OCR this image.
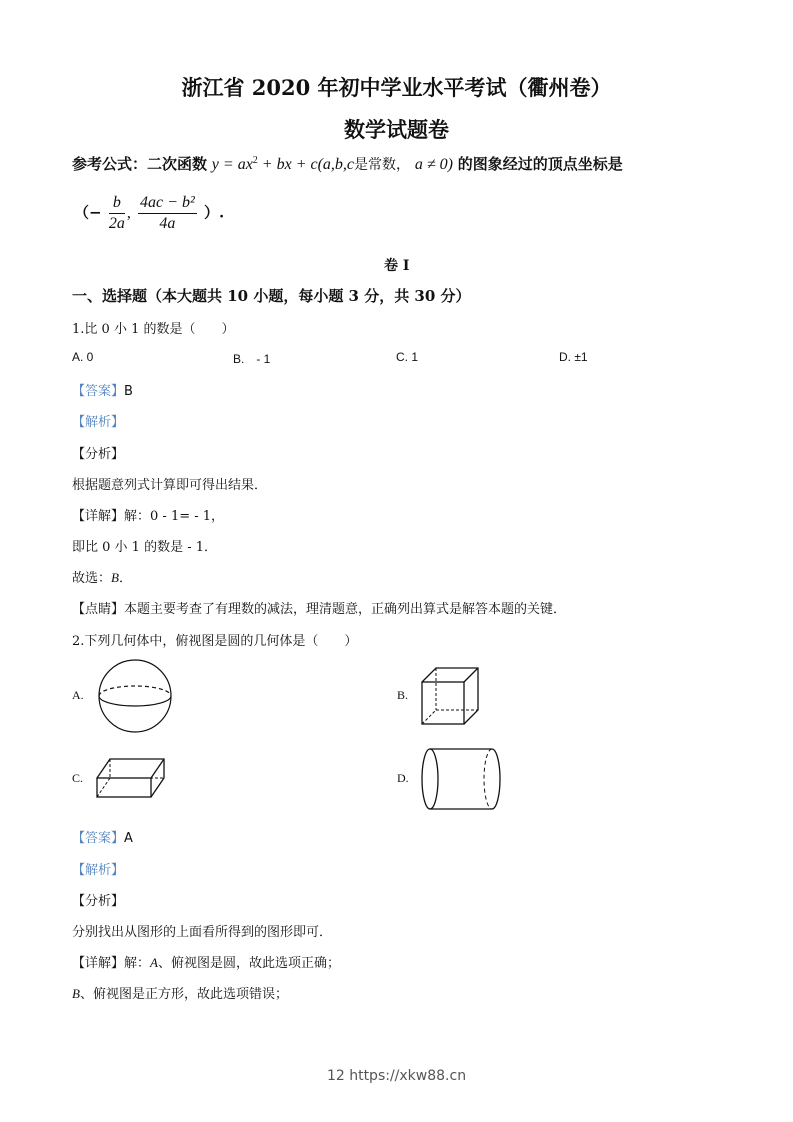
浙江省 2020 年初中学业水平考试（衢州卷）
数学试题卷
参考公式：二次函数 $y = ax^2$ + bx + c(a,b,c是常数， a ≠ 0) 的图象经过的顶点坐标是
（− $\frac{b}{2a}$ , $\frac{\text{4ac − b²}}{4a}$ ）.
卷 I
一、选择题（本大题共 10 小题，每小题 3 分，共 30 分）
1.比 0 小 1 的数是（　　）
A. 0	B.　- 1	C. 1	D. ±1
【答案】B
【解析】
【分析】
根据题意列式计算即可得出结果．
【详解】解：0 - 1= - 1，
即比 0 小 1 的数是 - 1．
故选：B．
【点睛】本题主要考查了有理数的减法，理清题意，正确列出算式是解答本题的关键．
2.下列几何体中，俯视图是圆的几何体是（　　）
A.	B.
C.	D.
【答案】A
【解析】
【分析】
分别找出从图形的上面看所得到的图形即可．
【详解】解：A、俯视图是圆，故此选项正确；
B、俯视图是正方形，故此选项错误；
12 https://xkw88.cn
